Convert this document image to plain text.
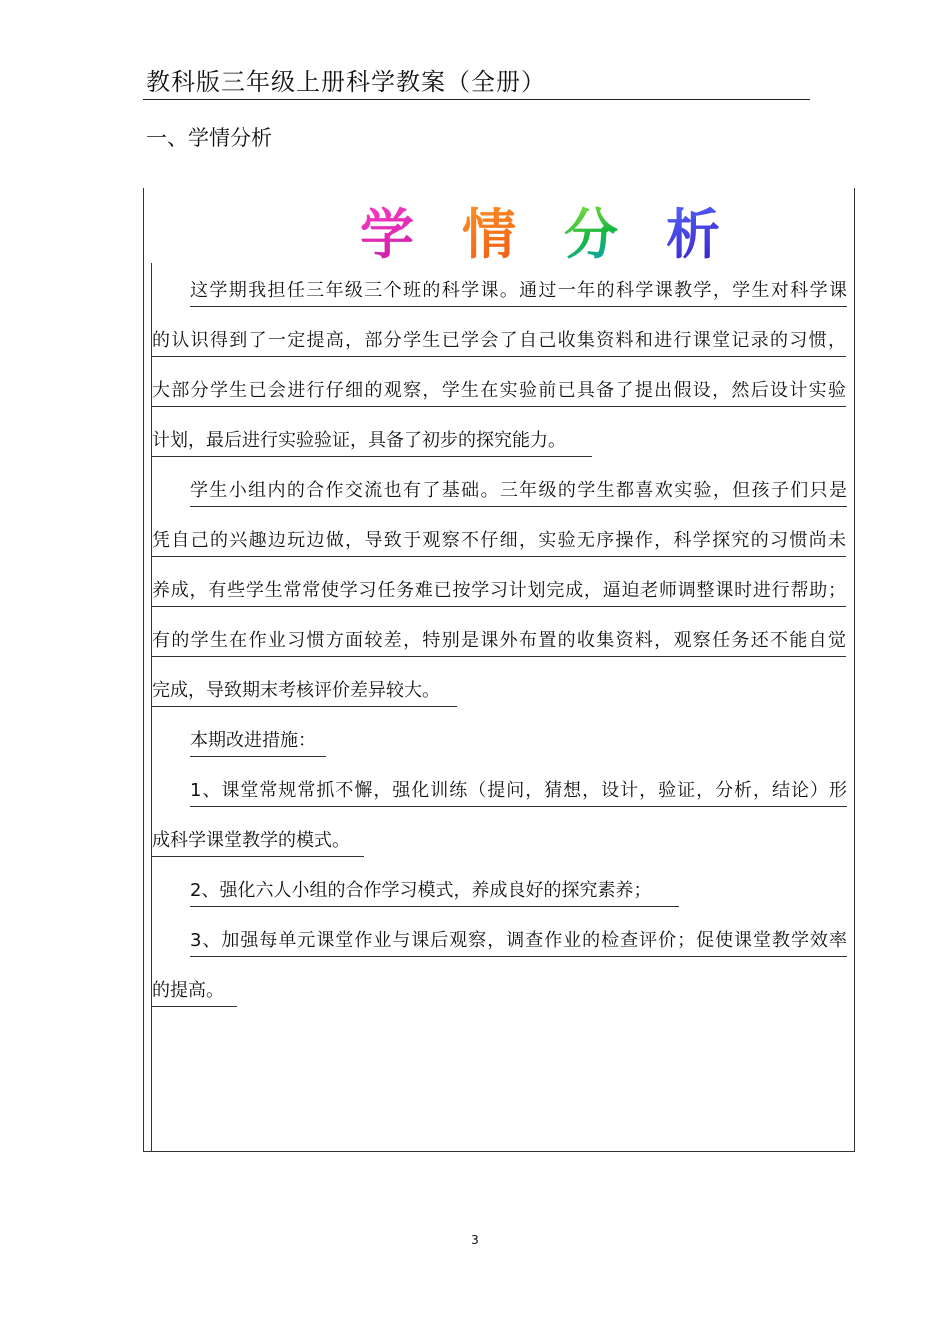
教科版三年级上册科学教案（全册）
一、学情分析
学 情 分 析
这学期我担任三年级三个班的科学课。通过一年的科学课教学，学生对科学课
的认识得到了一定提高，部分学生已学会了自己收集资料和进行课堂记录的习惯，
大部分学生已会进行仔细的观察，学生在实验前已具备了提出假设，然后设计实验
计划，最后进行实验验证，具备了初步的探究能力。
学生小组内的合作交流也有了基础。三年级的学生都喜欢实验，但孩子们只是
凭自己的兴趣边玩边做，导致于观察不仔细，实验无序操作，科学探究的习惯尚未
养成，有些学生常常使学习任务难已按学习计划完成，逼迫老师调整课时进行帮助；
有的学生在作业习惯方面较差，特别是课外布置的收集资料，观察任务还不能自觉
完成，导致期末考核评价差异较大。
本期改进措施：
1、课堂常规常抓不懈，强化训练（提问，猜想，设计，验证，分析，结论）形
成科学课堂教学的模式。
2、强化六人小组的合作学习模式，养成良好的探究素养；
3、加强每单元课堂作业与课后观察，调查作业的检查评价；促使课堂教学效率
的提高。
3
